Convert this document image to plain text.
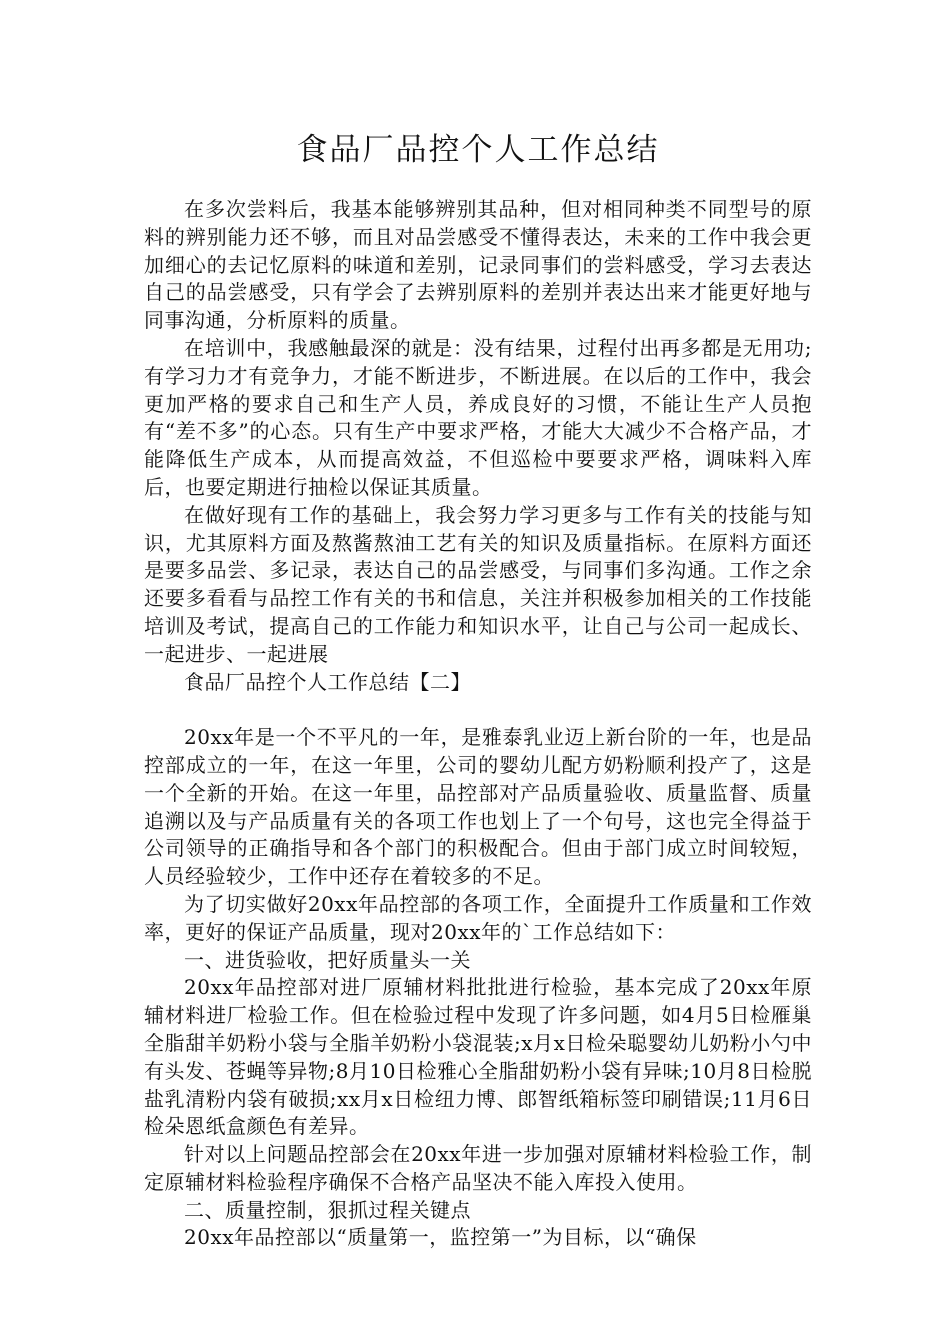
食品厂品控个人工作总结

在多次尝料后，我基本能够辨别其品种，但对相同种类不同型号的原料的辨别能力还不够，而且对品尝感受不懂得表达，未来的工作中我会更加细心的去记忆原料的味道和差别，记录同事们的尝料感受，学习去表达自己的品尝感受，只有学会了去辨别原料的差别并表达出来才能更好地与同事沟通，分析原料的质量。

在培训中，我感触最深的就是：没有结果，过程付出再多都是无用功;有学习力才有竞争力，才能不断进步，不断进展。在以后的工作中，我会更加严格的要求自己和生产人员，养成良好的习惯，不能让生产人员抱有“差不多”的心态。只有生产中要求严格，才能大大减少不合格产品，才能降低生产成本，从而提高效益，不但巡检中要要求严格，调味料入库后，也要定期进行抽检以保证其质量。

在做好现有工作的基础上，我会努力学习更多与工作有关的技能与知识，尤其原料方面及熬酱熬油工艺有关的知识及质量指标。在原料方面还是要多品尝、多记录，表达自己的品尝感受，与同事们多沟通。工作之余还要多看看与品控工作有关的书和信息，关注并积极参加相关的工作技能培训及考试，提高自己的工作能力和知识水平，让自己与公司一起成长、一起进步、一起进展

食品厂品控个人工作总结【二】

20xx年是一个不平凡的一年，是雅泰乳业迈上新台阶的一年，也是品控部成立的一年，在这一年里，公司的婴幼儿配方奶粉顺利投产了，这是一个全新的开始。在这一年里，品控部对产品质量验收、质量监督、质量追溯以及与产品质量有关的各项工作也划上了一个句号，这也完全得益于公司领导的正确指导和各个部门的积极配合。但由于部门成立时间较短，人员经验较少，工作中还存在着较多的不足。

为了切实做好20xx年品控部的各项工作，全面提升工作质量和工作效率，更好的保证产品质量，现对20xx年的`工作总结如下：

一、进货验收，把好质量头一关

20xx年品控部对进厂原辅材料批批进行检验，基本完成了20xx年原辅材料进厂检验工作。但在检验过程中发现了许多问题，如4月5日检雁巢全脂甜羊奶粉小袋与全脂羊奶粉小袋混装;x月x日检朵聪婴幼儿奶粉小勺中有头发、苍蝇等异物;8月10日检雅心全脂甜奶粉小袋有异味;10月8日检脱盐乳清粉内袋有破损;xx月x日检纽力博、郎智纸箱标签印刷错误;11月6日检朵恩纸盒颜色有差异。

针对以上问题品控部会在20xx年进一步加强对原辅材料检验工作，制定原辅材料检验程序确保不合格产品坚决不能入库投入使用。

二、质量控制，狠抓过程关键点

20xx年品控部以“质量第一，监控第一”为目标，以“确保
